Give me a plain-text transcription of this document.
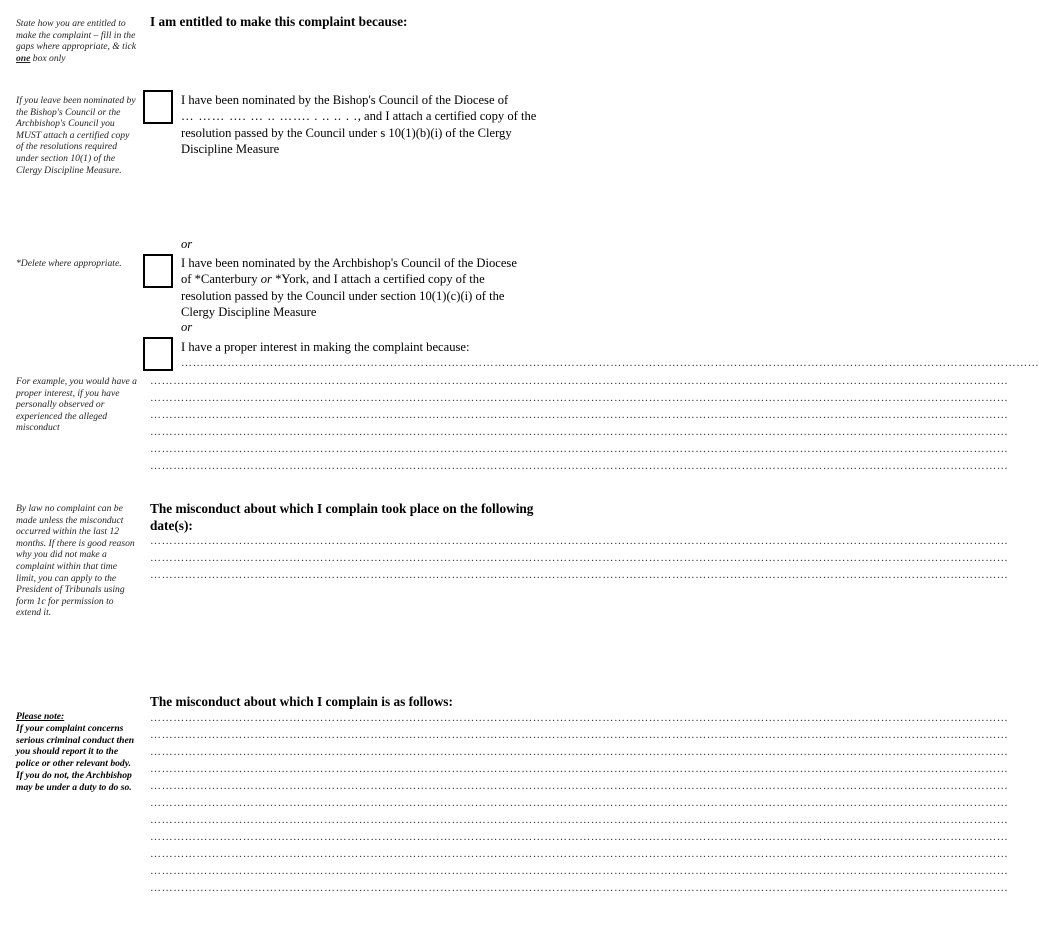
State how you are entitled to make the complaint – fill in the gaps where appropriate, & tick one box only
If you leave been nominated by the Bishop's Council or the Archbishop's Council you MUST attach a certified copy of the resolutions required under section 10(1) of the Clergy Discipline Measure.
*Delete where appropriate.
For example, you would have a proper interest, if you have personally observed or experienced the alleged misconduct
By law no complaint can be made unless the misconduct occurred within the last 12 months. If there is good reason why you did not make a complaint within that time limit, you can apply to the President of Tribunals using form 1c for permission to extend it.
Please note:
If your complaint concerns serious criminal conduct then you should report it to the police or other relevant body. If you do not, the Archbishop may be under a duty to do so.
I am entitled to make this complaint because:
I have been nominated by the Bishop's Council of the Diocese of
… …… …. … .. ……. . .. .. . ., and I attach a certified copy of the
resolution passed by the Council under s 10(1)(b)(i) of the Clergy
Discipline Measure
or
I have been nominated by the Archbishop's Council of the Diocese
of *Canterbury or *York, and I attach a certified copy of the
resolution passed by the Council under section 10(1)(c)(i) of the
Clergy Discipline Measure
or
I have a proper interest in making the complaint because:
……………………………………………………………………………………………………………………………………………………………………………………………………
……………………………………………………………………………………………………………………………………………………………………………………………………
……………………………………………………………………………………………………………………………………………………………………………………………………
……………………………………………………………………………………………………………………………………………………………………………………………………
……………………………………………………………………………………………………………………………………………………………………………………………………
……………………………………………………………………………………………………………………………………………………………………………………………………
……………………………………………………………………………………………………………………………………………………………………………………………………
The misconduct about which I complain took place on the following date(s):
……………………………………………………………………………………………………………………………………………………………………………………………………
……………………………………………………………………………………………………………………………………………………………………………………………………
……………………………………………………………………………………………………………………………………………………………………………………………………
The misconduct about which I complain is as follows:
……………………………………………………………………………………………………………………………………………………………………………………………………
……………………………………………………………………………………………………………………………………………………………………………………………………
……………………………………………………………………………………………………………………………………………………………………………………………………
……………………………………………………………………………………………………………………………………………………………………………………………………
……………………………………………………………………………………………………………………………………………………………………………………………………
……………………………………………………………………………………………………………………………………………………………………………………………………
……………………………………………………………………………………………………………………………………………………………………………………………………
……………………………………………………………………………………………………………………………………………………………………………………………………
……………………………………………………………………………………………………………………………………………………………………………………………………
……………………………………………………………………………………………………………………………………………………………………………………………………
……………………………………………………………………………………………………………………………………………………………………………………………………
